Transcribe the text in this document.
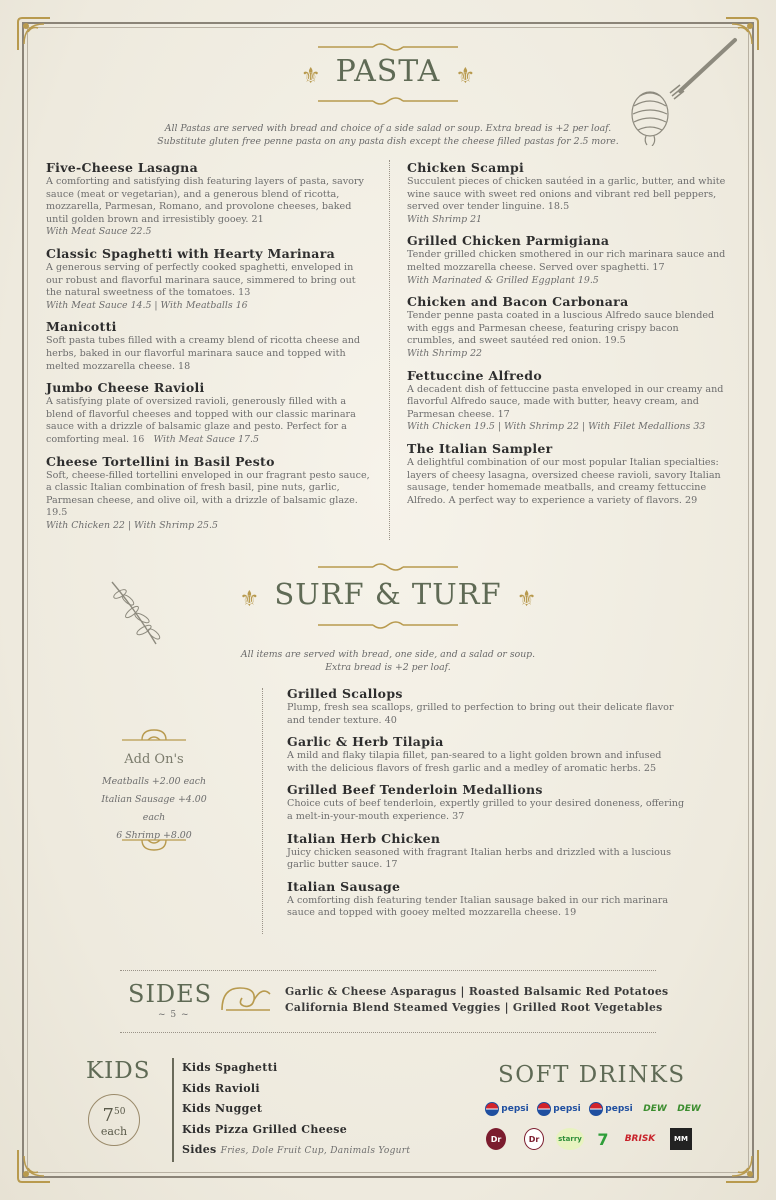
⚜ PASTA ⚜
All Pastas are served with bread and choice of a side salad or soup. Extra bread is +2 per loaf.
Substitute gluten free penne pasta on any pasta dish except the cheese filled pastas for 2.5 more.
Five-Cheese Lasagna
A comforting and satisfying dish featuring layers of pasta, savory sauce (meat or vegetarian), and a generous blend of ricotta, mozzarella, Parmesan, Romano, and provolone cheeses, baked until golden brown and irresistibly gooey. 21
With Meat Sauce 22.5
Classic Spaghetti with Hearty Marinara
A generous serving of perfectly cooked spaghetti, enveloped in our robust and flavorful marinara sauce, simmered to bring out the natural sweetness of the tomatoes. 13
With Meat Sauce 14.5 | With Meatballs 16
Manicotti
Soft pasta tubes filled with a creamy blend of ricotta cheese and herbs, baked in our flavorful marinara sauce and topped with melted mozzarella cheese. 18
Jumbo Cheese Ravioli
A satisfying plate of oversized ravioli, generously filled with a blend of flavorful cheeses and topped with our classic marinara sauce with a drizzle of balsamic glaze and pesto. Perfect for a comforting meal. 16 With Meat Sauce 17.5
Cheese Tortellini in Basil Pesto
Soft, cheese-filled tortellini enveloped in our fragrant pesto sauce, a classic Italian combination of fresh basil, pine nuts, garlic, Parmesan cheese, and olive oil, with a drizzle of balsamic glaze. 19.5
With Chicken 22 | With Shrimp 25.5
Chicken Scampi
Succulent pieces of chicken sautéed in a garlic, butter, and white wine sauce with sweet red onions and vibrant red bell peppers, served over tender linguine. 18.5
With Shrimp 21
Grilled Chicken Parmigiana
Tender grilled chicken smothered in our rich marinara sauce and melted mozzarella cheese. Served over spaghetti. 17
With Marinated & Grilled Eggplant 19.5
Chicken and Bacon Carbonara
Tender penne pasta coated in a luscious Alfredo sauce blended with eggs and Parmesan cheese, featuring crispy bacon crumbles, and sweet sautéed red onion. 19.5
With Shrimp 22
Fettuccine Alfredo
A decadent dish of fettuccine pasta enveloped in our creamy and flavorful Alfredo sauce, made with butter, heavy cream, and Parmesan cheese. 17
With Chicken 19.5 | With Shrimp 22 | With Filet Medallions 33
The Italian Sampler
A delightful combination of our most popular Italian specialties: layers of cheesy lasagna, oversized cheese ravioli, savory Italian sausage, tender homemade meatballs, and creamy fettuccine Alfredo. A perfect way to experience a variety of flavors. 29
⚜ SURF & TURF ⚜
All items are served with bread, one side, and a salad or soup.
Extra bread is +2 per loaf.
Add On's
Meatballs +2.00 each
Italian Sausage +4.00 each
6 Shrimp +8.00
Grilled Scallops
Plump, fresh sea scallops, grilled to perfection to bring out their delicate flavor and tender texture. 40
Garlic & Herb Tilapia
A mild and flaky tilapia fillet, pan-seared to a light golden brown and infused with the delicious flavors of fresh garlic and a medley of aromatic herbs. 25
Grilled Beef Tenderloin Medallions
Choice cuts of beef tenderloin, expertly grilled to your desired doneness, offering a melt-in-your-mouth experience. 37
Italian Herb Chicken
Juicy chicken seasoned with fragrant Italian herbs and drizzled with a luscious garlic butter sauce. 17
Italian Sausage
A comforting dish featuring tender Italian sausage baked in our rich marinara sauce and topped with gooey melted mozzarella cheese. 19
SIDES
~ 5 ~
Garlic & Cheese Asparagus | Roasted Balsamic Red Potatoes
California Blend Steamed Veggies | Grilled Root Vegetables
KIDS
$7^{50}$
each
Kids Spaghetti
Kids Ravioli
Kids Nugget
Kids Pizza Grilled Cheese
Sides Fries, Dole Fruit Cup, Danimals Yogurt
SOFT DRINKS
pepsi	pepsi	pepsi DEW DEW
Dr	Dr	starry 7 BRISK	MM
